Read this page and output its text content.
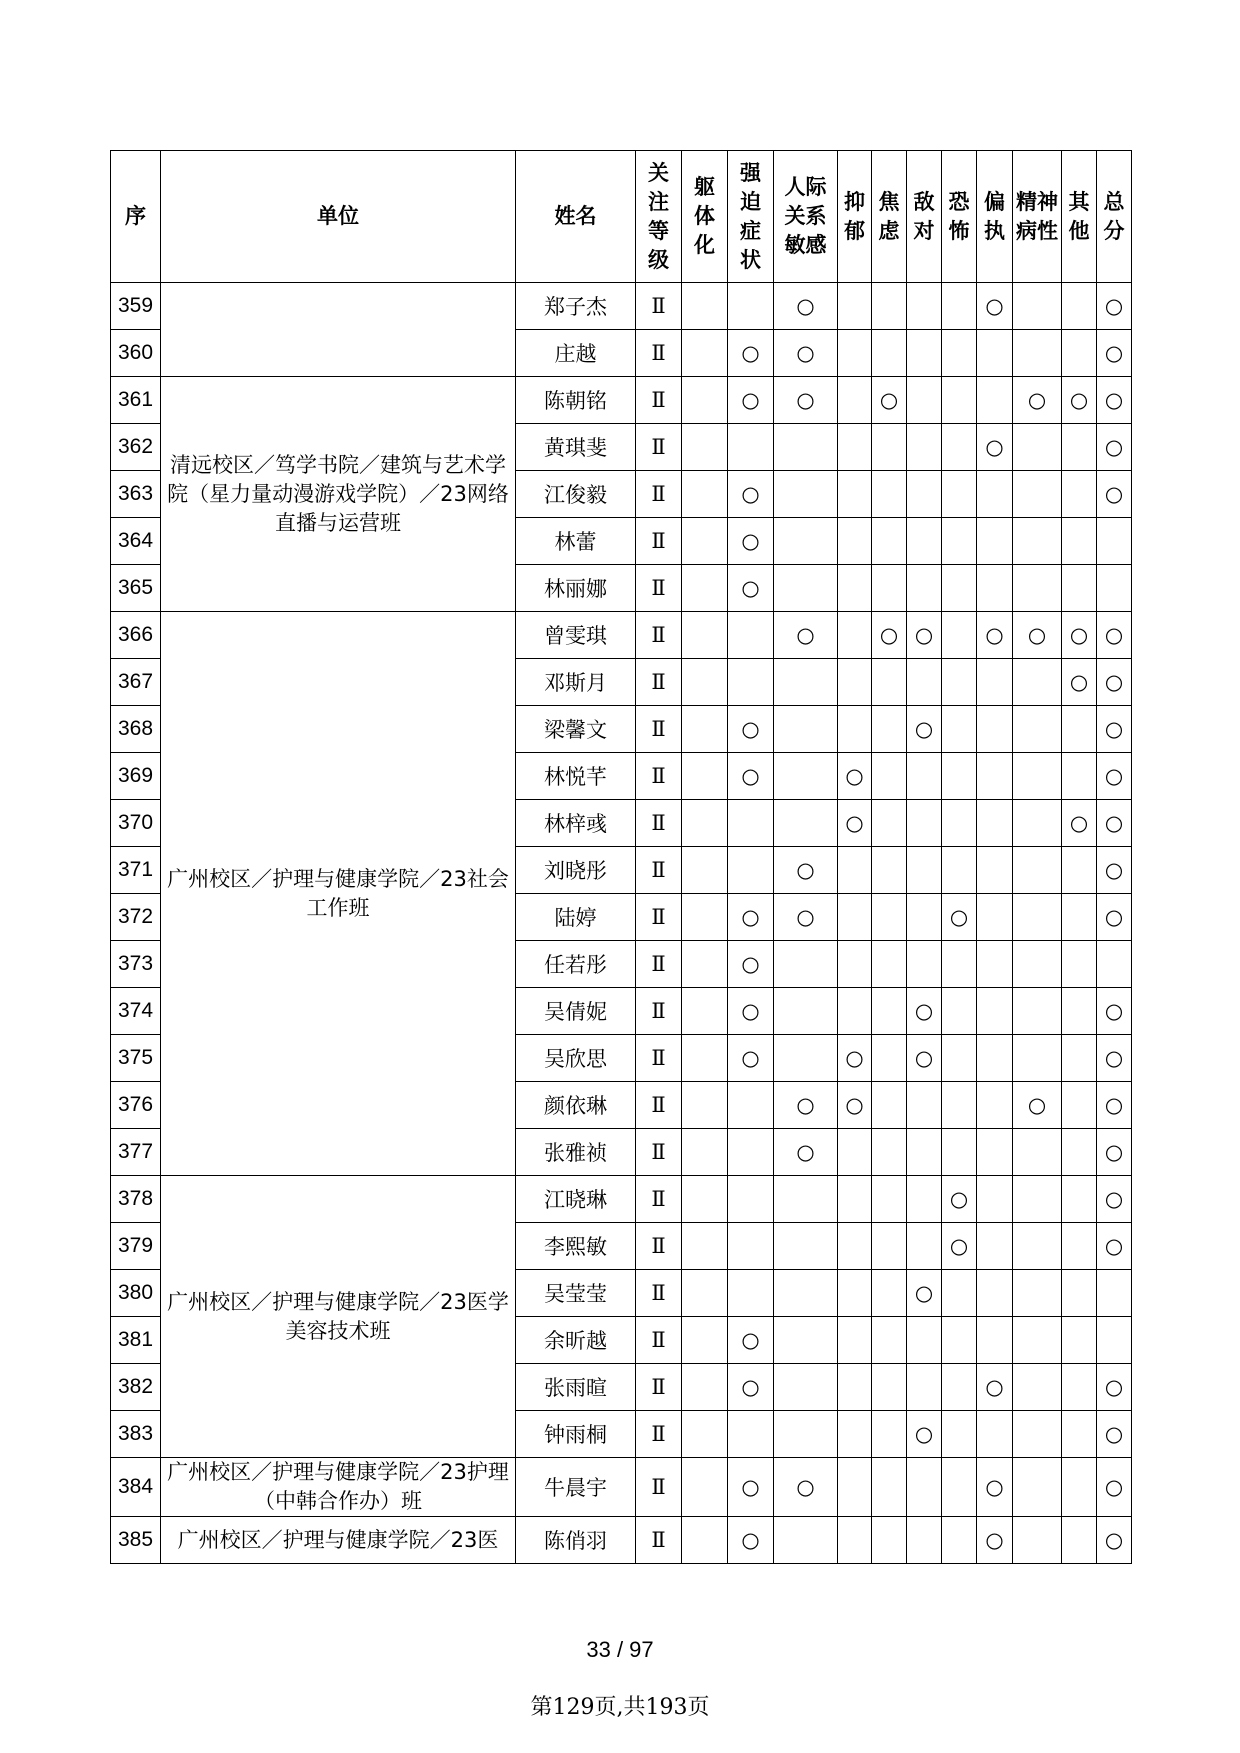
序	单位	姓名	关注等级	躯体化	强迫症状	人际关系敏感	抑郁	焦虑	敌对	恐怖	偏执	精神病性	其他	总分
359		郑子杰	Ⅱ			○					○			○
360		庄越	Ⅱ		○	○								○
361	清远校区／笃学书院／建筑与艺术学院（星力量动漫游戏学院）／23网络直播与运营班	陈朝铭	Ⅱ		○	○		○				○	○	○
362		黄琪斐	Ⅱ								○			○
363		江俊毅	Ⅱ		○									○
364		林蕾	Ⅱ		○									
365		林丽娜	Ⅱ		○									
366	广州校区／护理与健康学院／23社会工作班	曾雯琪	Ⅱ			○		○	○		○	○	○	○
367		邓斯月	Ⅱ										○	○
368		梁馨文	Ⅱ		○				○					○
369		林悦芊	Ⅱ		○		○							○
370		林梓彧	Ⅱ				○						○	○
371		刘晓彤	Ⅱ			○								○
372		陆婷	Ⅱ		○	○				○				○
373		任若彤	Ⅱ		○									
374		吴倩妮	Ⅱ		○				○					○
375		吴欣思	Ⅱ		○		○		○					○
376		颜依琳	Ⅱ			○	○					○		○
377		张雅祯	Ⅱ			○								○
378	广州校区／护理与健康学院／23医学美容技术班	江晓琳	Ⅱ							○				○
379		李熙敏	Ⅱ							○				○
380		吴莹莹	Ⅱ						○					
381		余昕越	Ⅱ		○									
382		张雨暄	Ⅱ		○						○			○
383		钟雨桐	Ⅱ						○					○
384	广州校区／护理与健康学院／23护理（中韩合作办）班	牛晨宇	Ⅱ		○	○					○			○
385	广州校区／护理与健康学院／23医	陈俏羽	Ⅱ		○						○			○
33 / 97
第129页,共193页
